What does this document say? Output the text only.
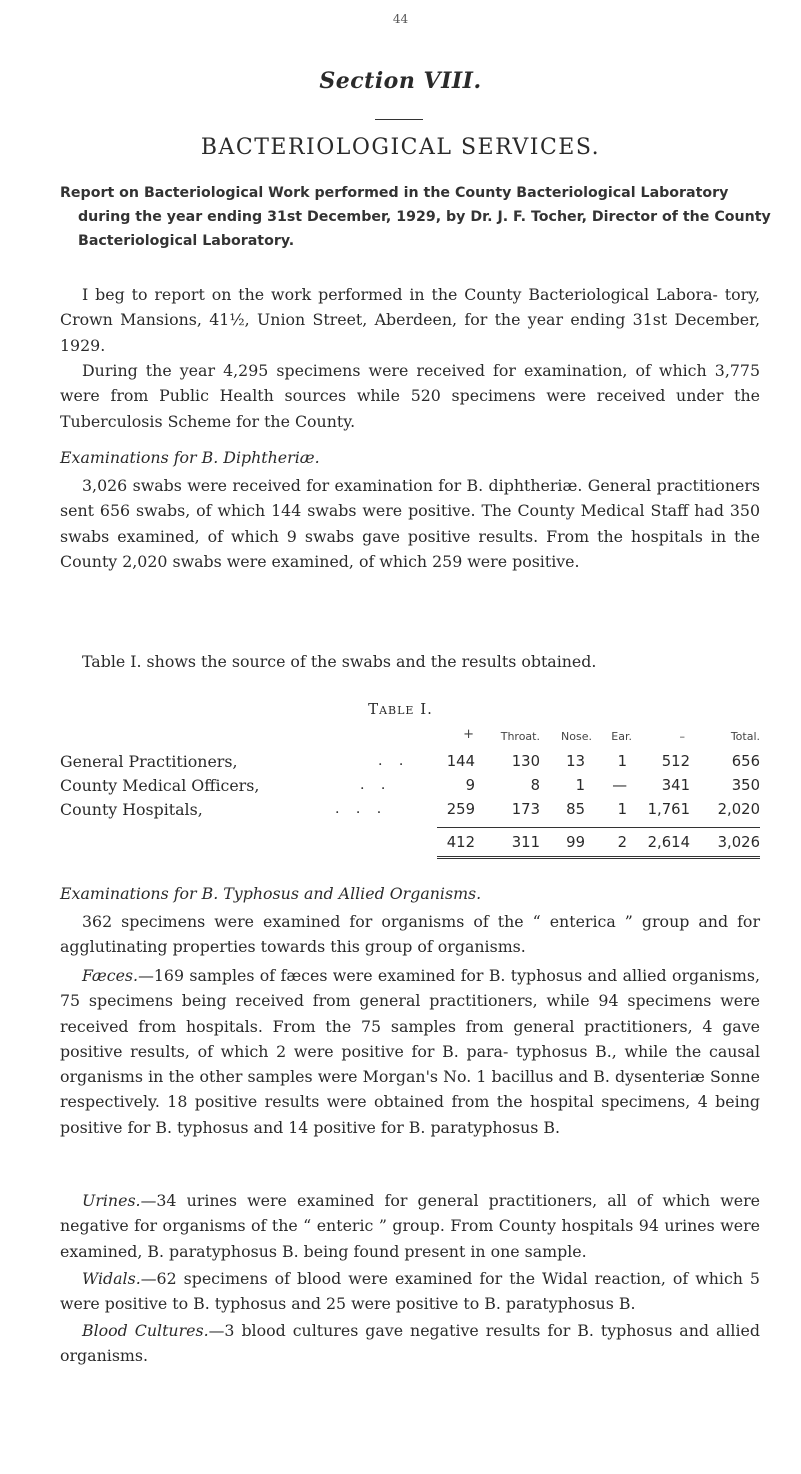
44
Section VIII.
BACTERIOLOGICAL SERVICES.

Report on Bacteriological Work performed in the County Bacteriological Laboratory during the year ending 31st December, 1929, by Dr. J. F. Tocher, Director of the County Bacteriological Laboratory.

I beg to report on the work performed in the County Bacteriological Labora- tory, Crown Mansions, 41½, Union Street, Aberdeen, for the year ending 31st December, 1929.

During the year 4,295 specimens were received for examination, of which 3,775 were from Public Health sources while 520 specimens were received under the Tuberculosis Scheme for the County.

Examinations for B. Diphtheriæ.

3,026 swabs were received for examination for B. diphtheriæ. General practitioners sent 656 swabs, of which 144 swabs were positive. The County Medical Staff had 350 swabs examined, of which 9 swabs gave positive results. From the hospitals in the County 2,020 swabs were examined, of which 259 were positive.

Table I. shows the source of the swabs and the results obtained.

Table I.
+	Throat.	Nose.	Ear.	–	Total.
General Practitioners,	. .	144	130	13	1	512	656
County Medical Officers,	. .	9	8	1	—	341	350
County Hospitals,	. . .	259	173	85	1	1,761	2,020
412	311	99	2	2,614	3,026

Examinations for B. Typhosus and Allied Organisms.

362 specimens were examined for organisms of the “ enterica ” group and for agglutinating properties towards this group of organisms.

Fæces.—169 samples of fæces were examined for B. typhosus and allied organisms, 75 specimens being received from general practitioners, while 94 specimens were received from hospitals. From the 75 samples from general practitioners, 4 gave positive results, of which 2 were positive for B. para- typhosus B., while the causal organisms in the other samples were Morgan's No. 1 bacillus and B. dysenteriæ Sonne respectively. 18 positive results were obtained from the hospital specimens, 4 being positive for B. typhosus and 14 positive for B. paratyphosus B.

Urines.—34 urines were examined for general practitioners, all of which were negative for organisms of the “ enteric ” group. From County hospitals 94 urines were examined, B. paratyphosus B. being found present in one sample.

Widals.—62 specimens of blood were examined for the Widal reaction, of which 5 were positive to B. typhosus and 25 were positive to B. paratyphosus B.

Blood Cultures.—3 blood cultures gave negative results for B. typhosus and allied organisms.
